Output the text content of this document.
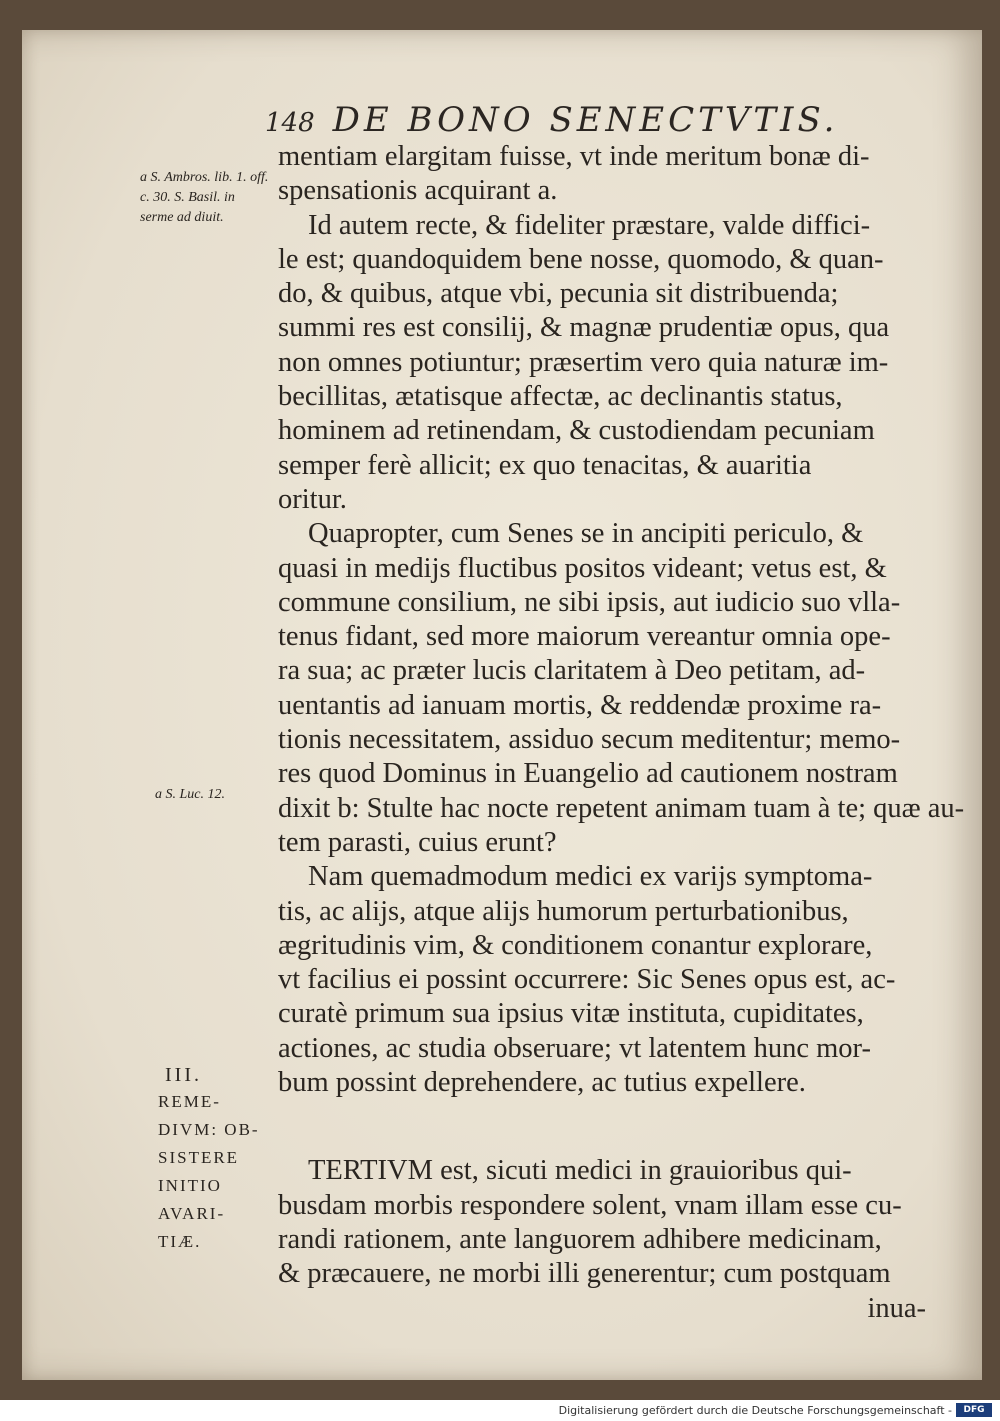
148 DE BONO SENECTVTIS.
a S. Ambros. lib. 1. off. c. 30. S. Basil. in serme ad diuit.
a S. Luc. 12.
III.
REME-
DIVM: OB-
SISTERE
INITIO
AVARI-
TIÆ.
mentiam elargitam fuisse, vt inde meritum bonæ di-
spensationis acquirant a.
Id autem recte, & fideliter præstare, valde diffici-
le est; quandoquidem bene nosse, quomodo, & quan-
do, & quibus, atque vbi, pecunia sit distribuenda;
summi res est consilij, & magnæ prudentiæ opus, qua
non omnes potiuntur; præsertim vero quia naturæ im-
becillitas, ætatisque affectæ, ac declinantis status,
hominem ad retinendam, & custodiendam pecuniam
semper ferè allicit; ex quo tenacitas, & auaritia
oritur.
Quapropter, cum Senes se in ancipiti periculo, &
quasi in medijs fluctibus positos videant; vetus est, &
commune consilium, ne sibi ipsis, aut iudicio suo vlla-
tenus fidant, sed more maiorum vereantur omnia ope-
ra sua; ac præter lucis claritatem à Deo petitam, ad-
uentantis ad ianuam mortis, & reddendæ proxime ra-
tionis necessitatem, assiduo secum meditentur; memo-
res quod Dominus in Euangelio ad cautionem nostram
dixit b: Stulte hac nocte repetent animam tuam à te; quæ au-
tem parasti, cuius erunt?
Nam quemadmodum medici ex varijs symptoma-
tis, ac alijs, atque alijs humorum perturbationibus,
ægritudinis vim, & conditionem conantur explorare,
vt facilius ei possint occurrere: Sic Senes opus est, ac-
curatè primum sua ipsius vitæ instituta, cupiditates,
actiones, ac studia obseruare; vt latentem hunc mor-
bum possint deprehendere, ac tutius expellere.
TERTIVM est, sicuti medici in grauioribus qui-
busdam morbis respondere solent, vnam illam esse cu-
randi rationem, ante languorem adhibere medicinam,
& præcauere, ne morbi illi generentur; cum postquam
inua-
Digitalisierung gefördert durch die Deutsche Forschungsgemeinschaft -	DFG
